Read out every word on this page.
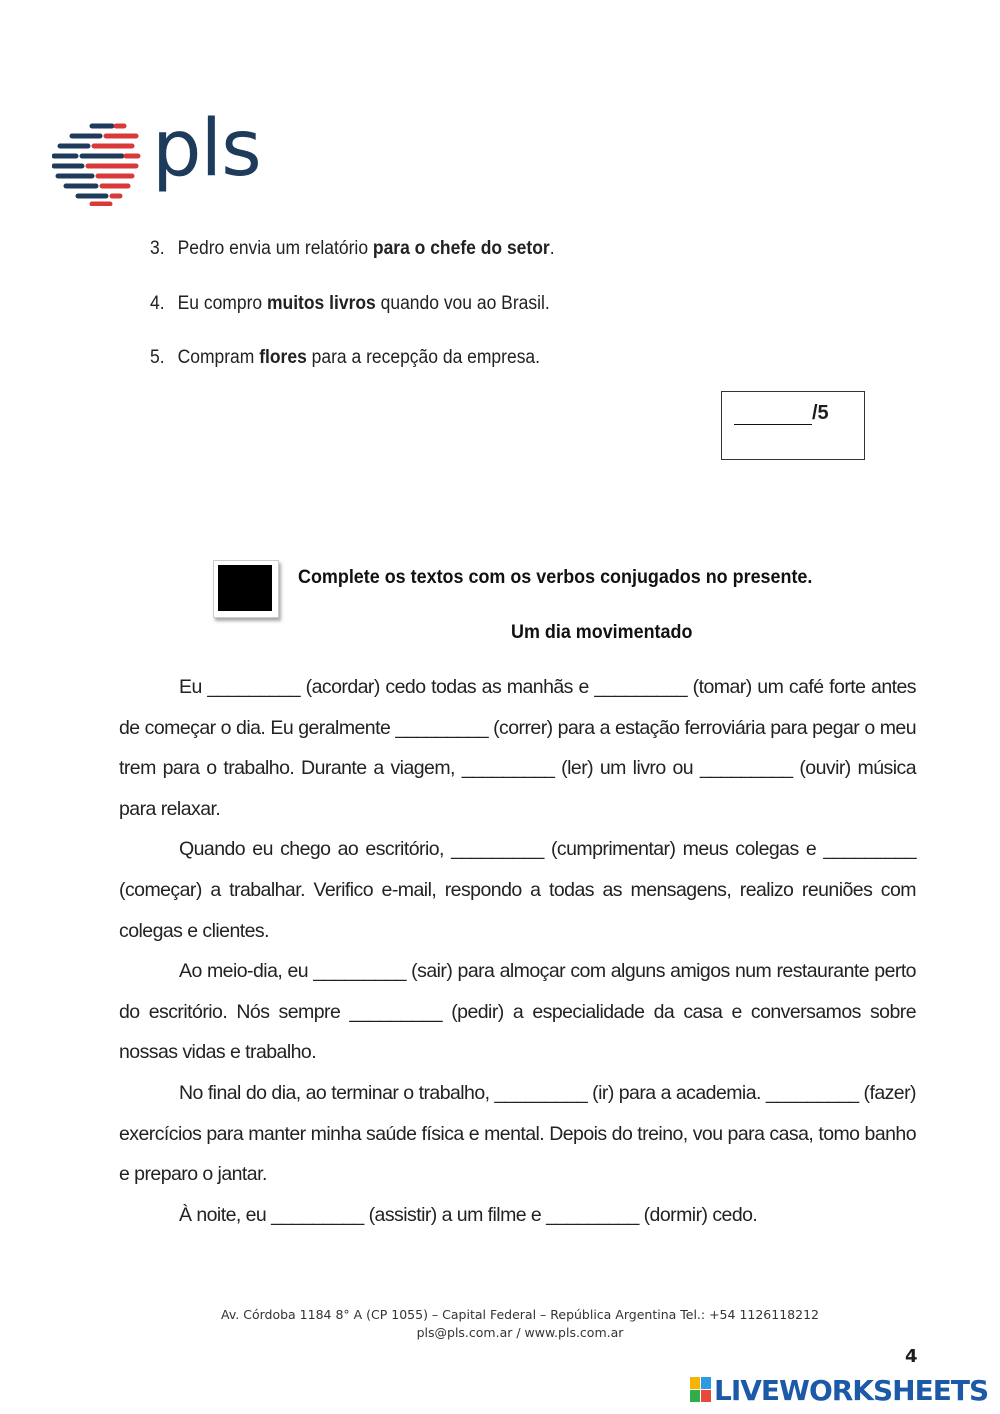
pls
3. Pedro envia um relatório para o chefe do setor.
4. Eu compro muitos livros quando vou ao Brasil.
5. Compram flores para a recepção da empresa.
/5
Complete os textos com os verbos conjugados no presente.
Um dia movimentado

Eu _________ (acordar) cedo todas as manhãs e _________ (tomar) um café forte antes de começar o dia. Eu geralmente _________ (correr) para a estação ferroviária para pegar o meu trem para o trabalho. Durante a viagem, _________ (ler) um livro ou _________ (ouvir) música para relaxar.

Quando eu chego ao escritório, _________ (cumprimentar) meus colegas e _________ (começar) a trabalhar. Verifico e-mail, respondo a todas as mensagens, realizo reuniões com colegas e clientes.

Ao meio-dia, eu _________ (sair) para almoçar com alguns amigos num restaurante perto do escritório. Nós sempre _________ (pedir) a especialidade da casa e conversamos sobre nossas vidas e trabalho.

No final do dia, ao terminar o trabalho, _________ (ir) para a academia. _________ (fazer) exercícios para manter minha saúde física e mental. Depois do treino, vou para casa, tomo banho e preparo o jantar.

À noite, eu _________ (assistir) a um filme e _________ (dormir) cedo.

Av. Córdoba 1184 8° A (CP 1055) – Capital Federal – República Argentina Tel.: +54 1126118212
pls@pls.com.ar / www.pls.com.ar
4
LIVEWORKSHEETS
